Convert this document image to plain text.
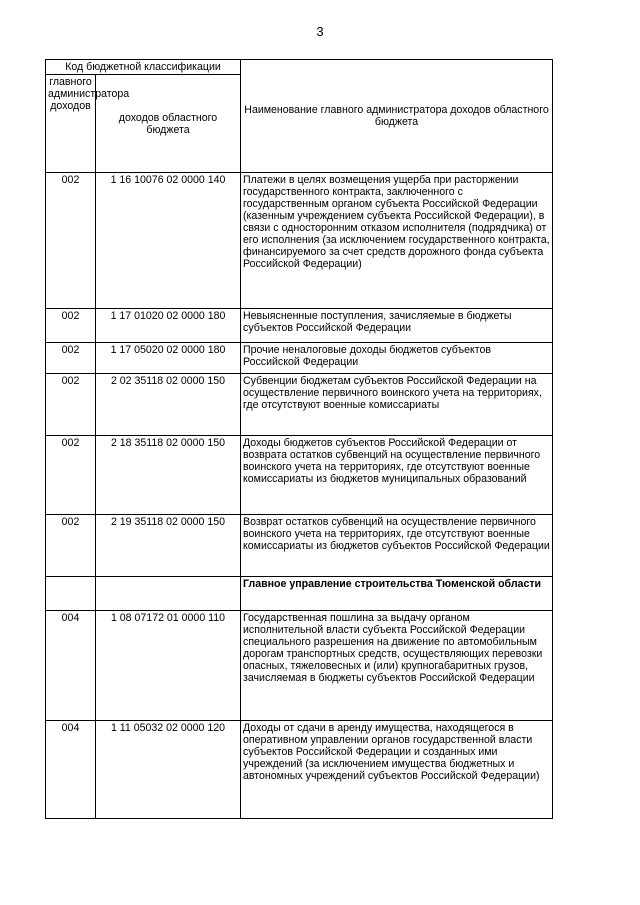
3
Код бюджетной классификации		Наименование главного администратора доходов областного бюджета
главного администратора доходов	доходов областного бюджета	
002	1 16 10076 02 0000 140	Платежи в целях возмещения ущерба при расторжении государственного контракта, заключенного с государственным органом субъекта Российской Федерации (казенным учреждением субъекта Российской Федерации), в связи с односторонним отказом исполнителя (подрядчика) от его исполнения (за исключением государственного контракта, финансируемого за счет средств дорожного фонда субъекта Российской Федерации)
002	1 17 01020 02 0000 180	Невыясненные поступления, зачисляемые в бюджеты субъектов Российской Федерации
002	1 17 05020 02 0000 180	Прочие неналоговые доходы бюджетов субъектов Российской Федерации
002	2 02 35118 02 0000 150	Субвенции бюджетам субъектов Российской Федерации на осуществление первичного воинского учета на территориях, где отсутствуют военные комиссариаты
002	2 18 35118 02 0000 150	Доходы бюджетов субъектов Российской Федерации от возврата остатков субвенций на осуществление первичного воинского учета на территориях, где отсутствуют военные комиссариаты из бюджетов муниципальных образований
002	2 19 35118 02 0000 150	Возврат остатков субвенций на осуществление первичного воинского учета на территориях, где отсутствуют военные комиссариаты из бюджетов субъектов Российской Федерации
		Главное управление строительства Тюменской области
004	1 08 07172 01 0000 110	Государственная пошлина за выдачу органом исполнительной власти субъекта Российской Федерации специального разрешения на движение по автомобильным дорогам транспортных средств, осуществляющих перевозки опасных, тяжеловесных и (или) крупногабаритных грузов, зачисляемая в бюджеты субъектов Российской Федерации
004	1 11 05032 02 0000 120	Доходы от сдачи в аренду имущества, находящегося в оперативном управлении органов государственной власти субъектов Российской Федерации и созданных ими учреждений (за исключением имущества бюджетных и автономных учреждений субъектов Российской Федерации)
